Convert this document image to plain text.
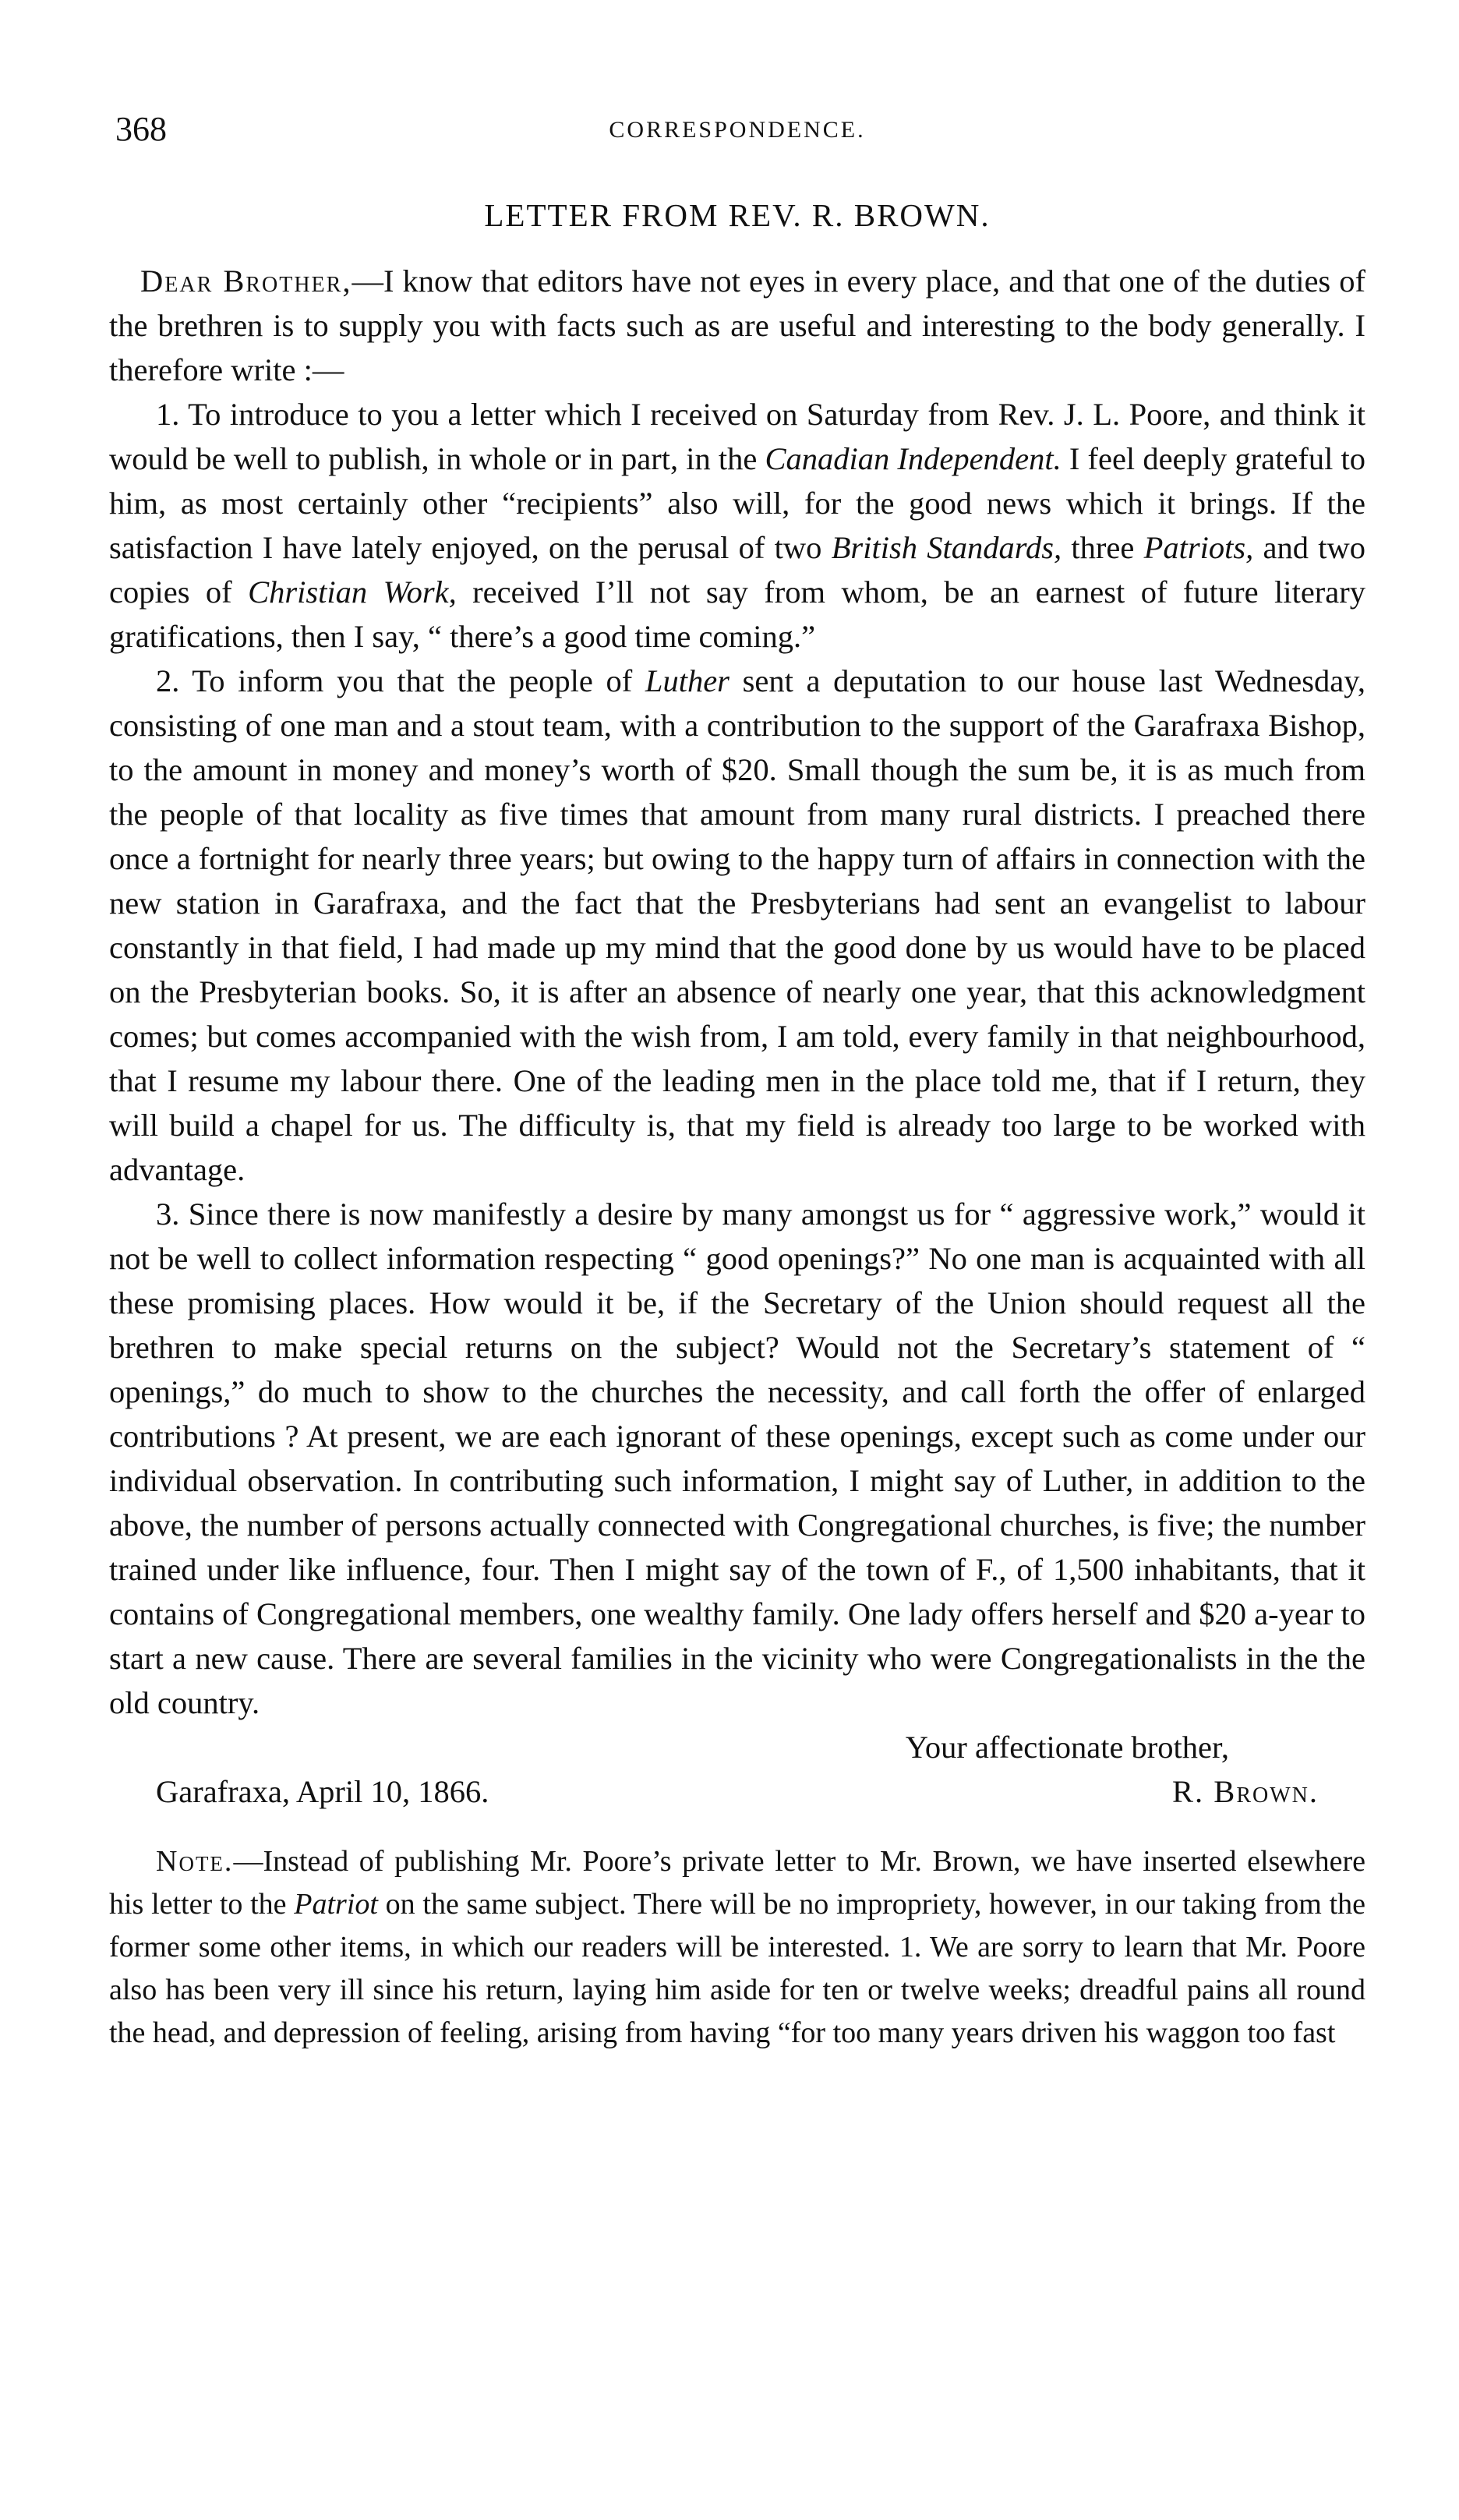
368	CORRESPONDENCE.
LETTER FROM REV. R. BROWN.

Dear Brother,—I know that editors have not eyes in every place, and that one of the duties of the brethren is to supply you with facts such as are useful and interesting to the body generally. I therefore write :—

1. To introduce to you a letter which I received on Saturday from Rev. J. L. Poore, and think it would be well to publish, in whole or in part, in the Canadian Independent. I feel deeply grateful to him, as most certainly other “recipients” also will, for the good news which it brings. If the satisfaction I have lately enjoyed, on the perusal of two British Standards, three Patriots, and two copies of Christian Work, received I’ll not say from whom, be an earnest of future literary gratifications, then I say, “ there’s a good time coming.”

2. To inform you that the people of Luther sent a deputation to our house last Wednesday, consisting of one man and a stout team, with a contribution to the support of the Garafraxa Bishop, to the amount in money and money’s worth of $20. Small though the sum be, it is as much from the people of that locality as five times that amount from many rural districts. I preached there once a fortnight for nearly three years; but owing to the happy turn of affairs in connection with the new station in Garafraxa, and the fact that the Presbyterians had sent an evangelist to labour constantly in that field, I had made up my mind that the good done by us would have to be placed on the Presbyterian books. So, it is after an absence of nearly one year, that this acknowledgment comes; but comes accompanied with the wish from, I am told, every family in that neighbourhood, that I resume my labour there. One of the leading men in the place told me, that if I return, they will build a chapel for us. The difficulty is, that my field is already too large to be worked with advantage.

3. Since there is now manifestly a desire by many amongst us for “ aggressive work,” would it not be well to collect information respecting “ good openings?” No one man is acquainted with all these promising places. How would it be, if the Secretary of the Union should request all the brethren to make special returns on the subject? Would not the Secretary’s statement of “ openings,” do much to show to the churches the necessity, and call forth the offer of enlarged contributions ? At present, we are each ignorant of these openings, except such as come under our individual observation. In contributing such information, I might say of Luther, in addition to the above, the number of persons actually connected with Congregational churches, is five; the number trained under like influence, four. Then I might say of the town of F., of 1,500 inhabitants, that it contains of Congregational members, one wealthy family. One lady offers herself and $20 a-year to start a new cause. There are several families in the vicinity who were Congregationalists in the the old country.

Your affectionate brother,
Garafraxa, April 10, 1866.	R. Brown.

Note.—Instead of publishing Mr. Poore’s private letter to Mr. Brown, we have inserted elsewhere his letter to the Patriot on the same subject. There will be no impropriety, however, in our taking from the former some other items, in which our readers will be interested. 1. We are sorry to learn that Mr. Poore also has been very ill since his return, laying him aside for ten or twelve weeks; dreadful pains all round the head, and depression of feeling, arising from having “for too many years driven his waggon too fast
